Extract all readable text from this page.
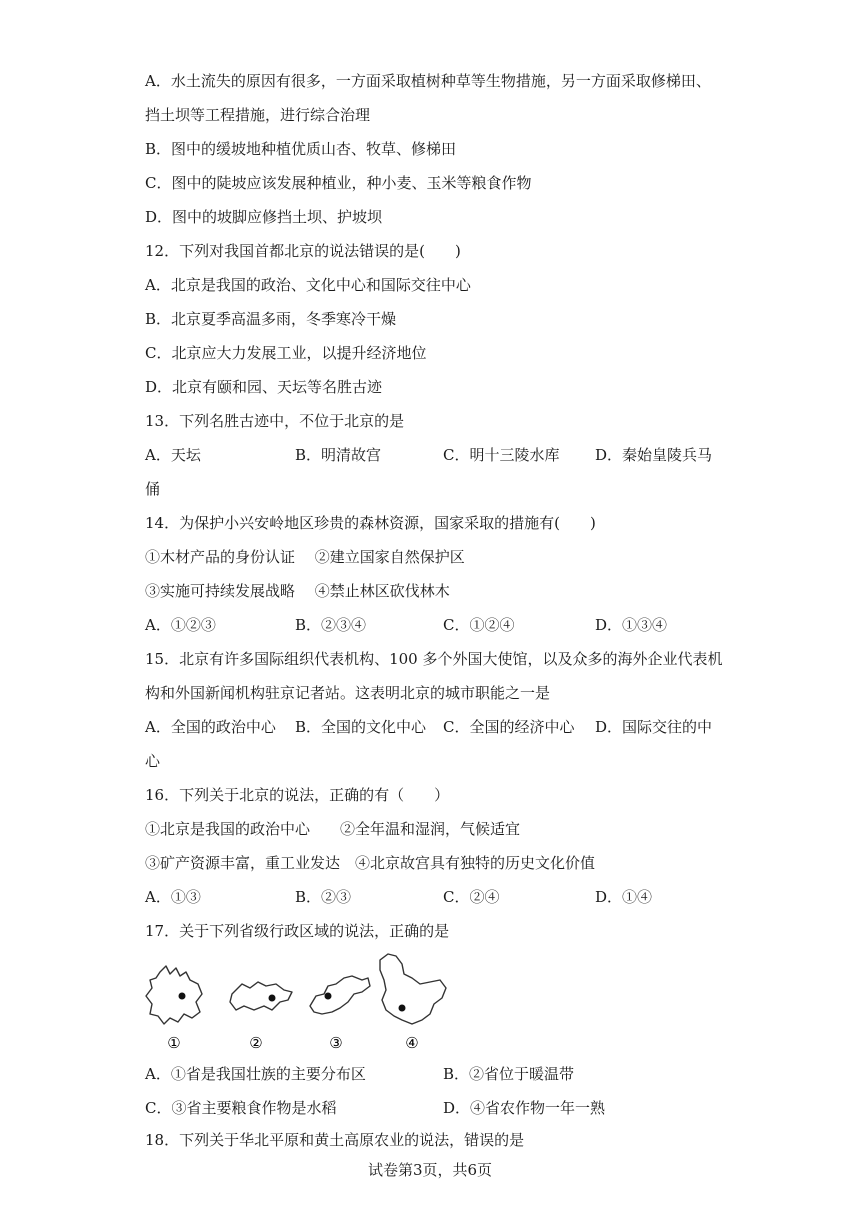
A．水土流失的原因有很多，一方面采取植树种草等生物措施，另一方面采取修梯田、
挡土坝等工程措施，进行综合治理
B．图中的缓坡地种植优质山杏、牧草、修梯田
C．图中的陡坡应该发展种植业，种小麦、玉米等粮食作物
D．图中的坡脚应修挡土坝、护坡坝
12．下列对我国首都北京的说法错误的是(　　)
A．北京是我国的政治、文化中心和国际交往中心
B．北京夏季高温多雨，冬季寒冷干燥
C．北京应大力发展工业，以提升经济地位
D．北京有颐和园、天坛等名胜古迹
13．下列名胜古迹中，不位于北京的是
A．天坛	B．明清故宫	C．明十三陵水库 D．秦始皇陵兵马
俑
14．为保护小兴安岭地区珍贵的森林资源，国家采取的措施有(　　)
①木材产品的身份认证　 ②建立国家自然保护区
③实施可持续发展战略　 ④禁止林区砍伐林木
A．①②③	B．②③④	C．①②④	D．①③④
15．北京有许多国际组织代表机构、100 多个外国大使馆，以及众多的海外企业代表机
构和外国新闻机构驻京记者站。这表明北京的城市职能之一是
A．全国的政治中心 B．全国的文化中心 C．全国的经济中心 D．国际交往的中
心
16．下列关于北京的说法，正确的有（　　）
①北京是我国的政治中心　　②全年温和湿润，气候适宜
③矿产资源丰富，重工业发达　④北京故宫具有独特的历史文化价值
A．①③	B．②③	C．②④	D．①④
17．关于下列省级行政区域的说法，正确的是
①	②	③	④
A．①省是我国壮族的主要分布区	B．②省位于暖温带
C．③省主要粮食作物是水稻	D．④省农作物一年一熟
18．下列关于华北平原和黄土高原农业的说法，错误的是
试卷第3页，共6页
